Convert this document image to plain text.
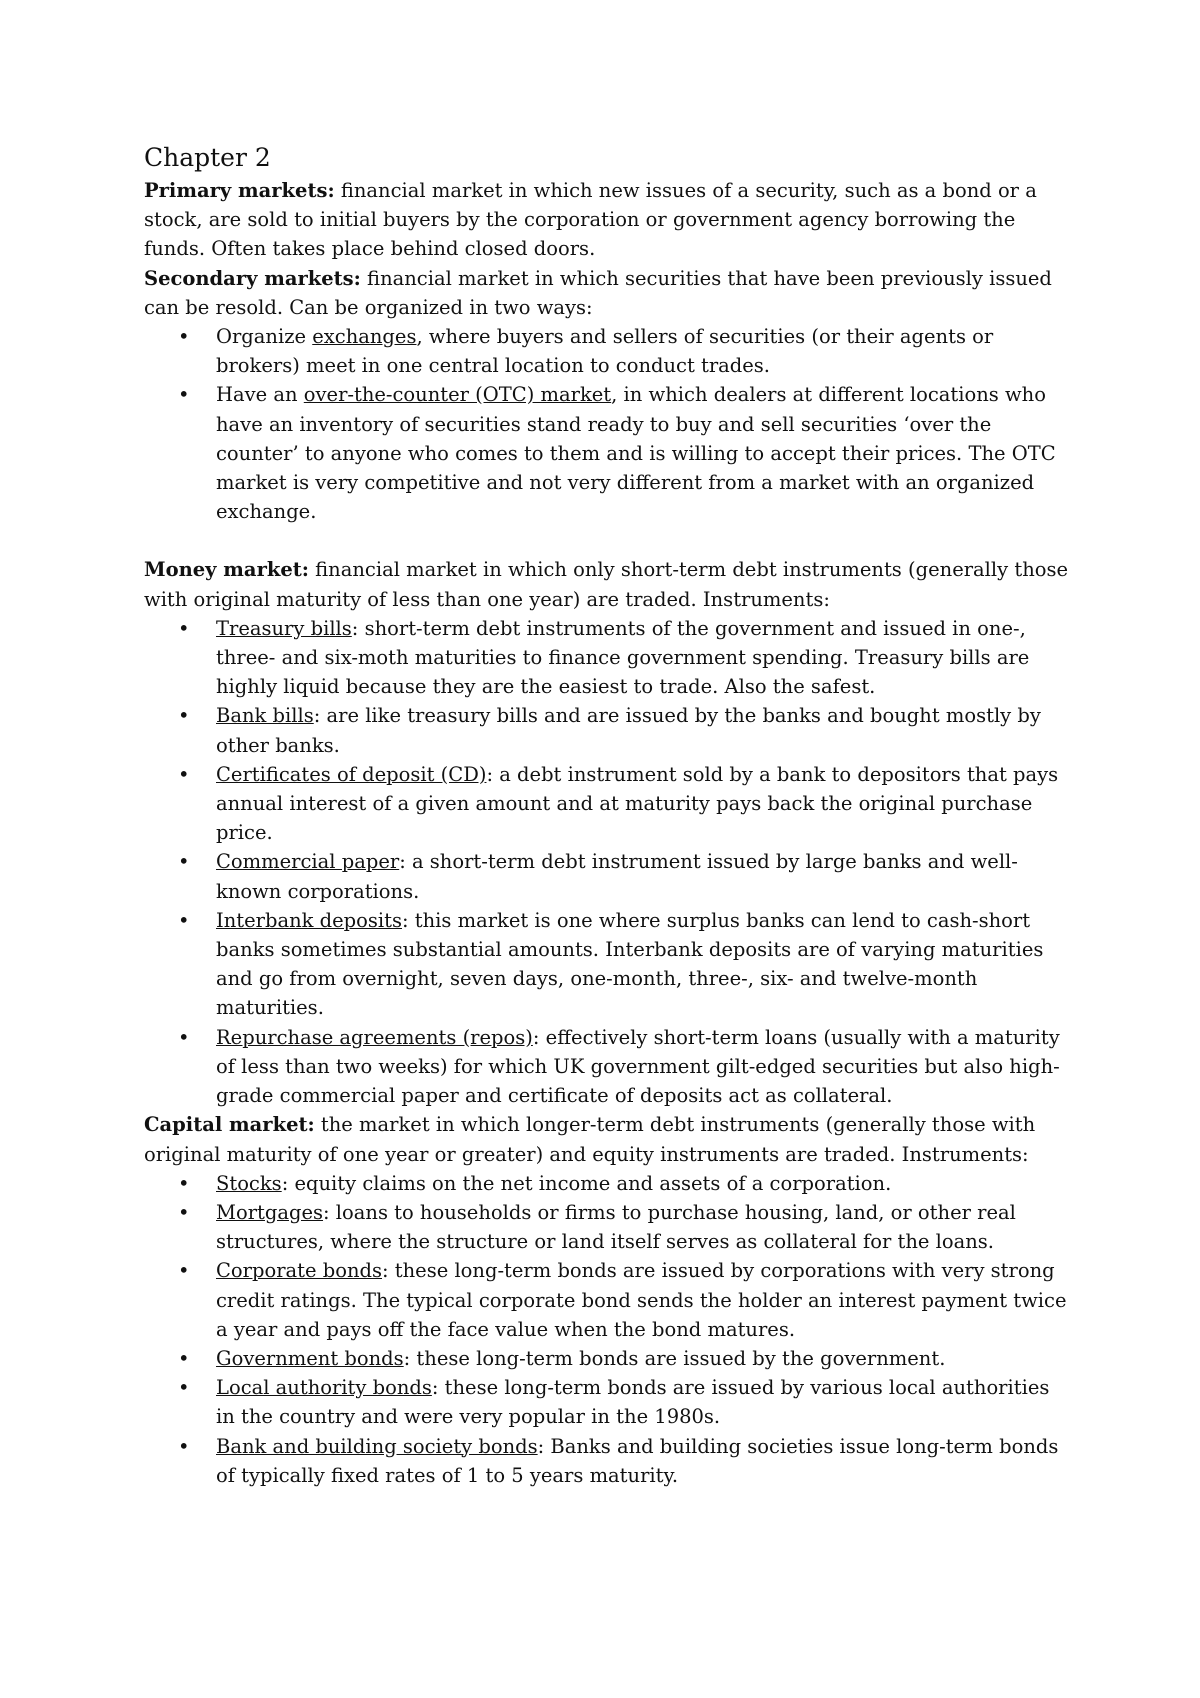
Chapter 2

Primary markets: financial market in which new issues of a security, such as a bond or a stock, are sold to initial buyers by the corporation or government agency borrowing the funds. Often takes place behind closed doors.

Secondary markets: financial market in which securities that have been previously issued can be resold. Can be organized in two ways:

• Organize exchanges, where buyers and sellers of securities (or their agents or brokers) meet in one central location to conduct trades.
• Have an over-the-counter (OTC) market, in which dealers at different locations who have an inventory of securities stand ready to buy and sell securities ‘over the counter’ to anyone who comes to them and is willing to accept their prices. The OTC market is very competitive and not very different from a market with an organized exchange.

Money market: financial market in which only short-term debt instruments (generally those with original maturity of less than one year) are traded. Instruments:

• Treasury bills: short-term debt instruments of the government and issued in one-, three- and six-moth maturities to finance government spending. Treasury bills are highly liquid because they are the easiest to trade. Also the safest.
• Bank bills: are like treasury bills and are issued by the banks and bought mostly by other banks.
• Certificates of deposit (CD): a debt instrument sold by a bank to depositors that pays annual interest of a given amount and at maturity pays back the original purchase price.
• Commercial paper: a short-term debt instrument issued by large banks and well-known corporations.
• Interbank deposits: this market is one where surplus banks can lend to cash-short banks sometimes substantial amounts. Interbank deposits are of varying maturities and go from overnight, seven days, one-month, three-, six- and twelve-month maturities.
• Repurchase agreements (repos): effectively short-term loans (usually with a maturity of less than two weeks) for which UK government gilt-edged securities but also high-grade commercial paper and certificate of deposits act as collateral.

Capital market: the market in which longer-term debt instruments (generally those with original maturity of one year or greater) and equity instruments are traded. Instruments:

• Stocks: equity claims on the net income and assets of a corporation.
• Mortgages: loans to households or firms to purchase housing, land, or other real structures, where the structure or land itself serves as collateral for the loans.
• Corporate bonds: these long-term bonds are issued by corporations with very strong credit ratings. The typical corporate bond sends the holder an interest payment twice a year and pays off the face value when the bond matures.
• Government bonds: these long-term bonds are issued by the government.
• Local authority bonds: these long-term bonds are issued by various local authorities in the country and were very popular in the 1980s.
• Bank and building society bonds: Banks and building societies issue long-term bonds of typically fixed rates of 1 to 5 years maturity.
